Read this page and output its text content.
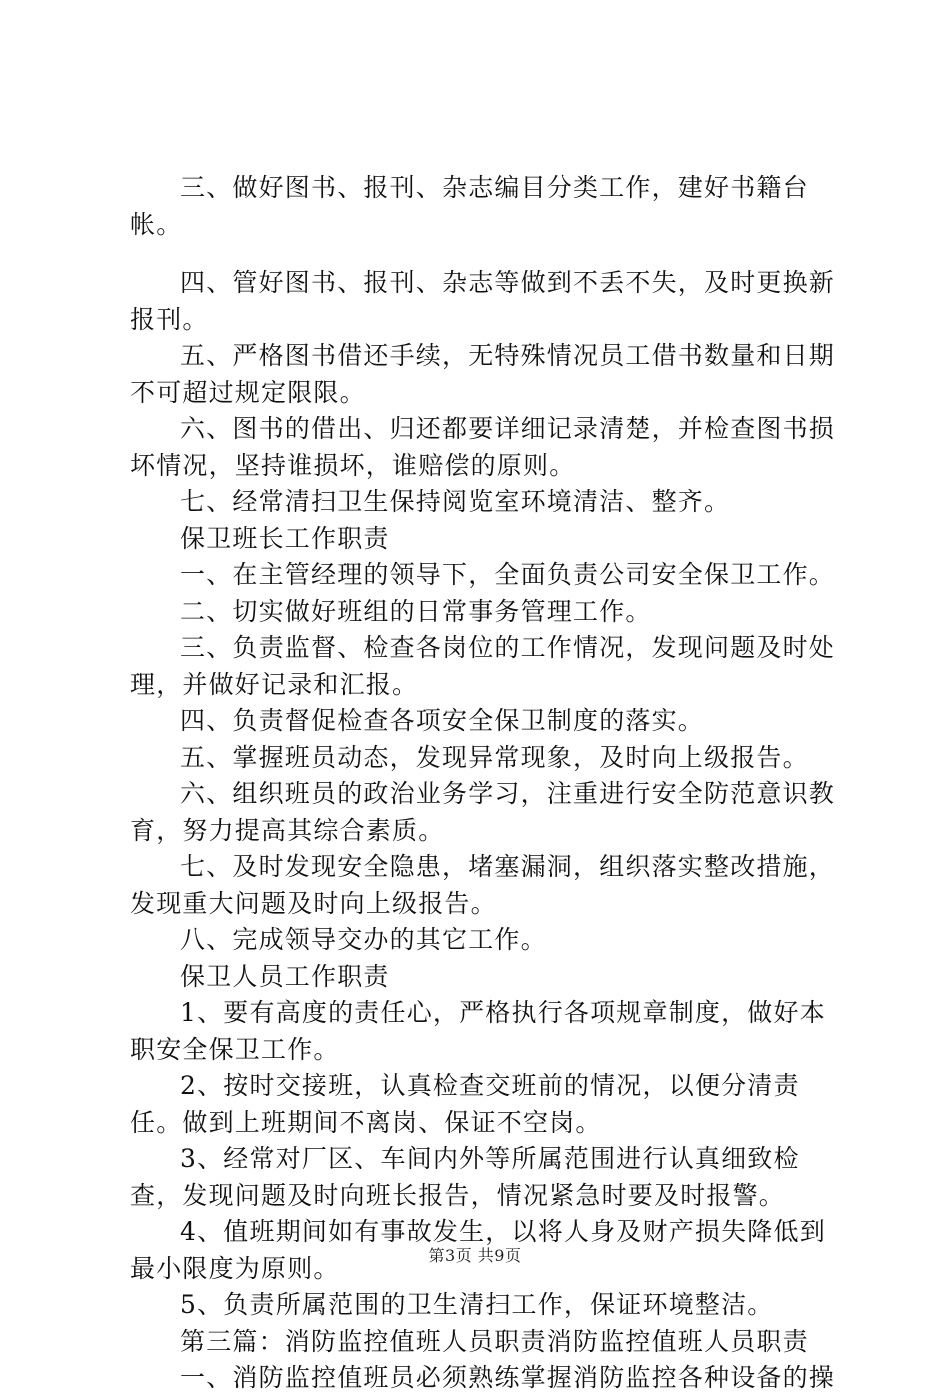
三、做好图书、报刊、杂志编目分类工作，建好书籍台帐。

四、管好图书、报刊、杂志等做到不丢不失，及时更换新报刊。

五、严格图书借还手续，无特殊情况员工借书数量和日期不可超过规定限限。

六、图书的借出、归还都要详细记录清楚，并检查图书损坏情况，坚持谁损坏，谁赔偿的原则。

七、经常清扫卫生保持阅览室环境清洁、整齐。

保卫班长工作职责

一、在主管经理的领导下，全面负责公司安全保卫工作。

二、切实做好班组的日常事务管理工作。

三、负责监督、检查各岗位的工作情况，发现问题及时处理，并做好记录和汇报。

四、负责督促检查各项安全保卫制度的落实。

五、掌握班员动态，发现异常现象，及时向上级报告。

六、组织班员的政治业务学习，注重进行安全防范意识教育，努力提高其综合素质。

七、及时发现安全隐患，堵塞漏洞，组织落实整改措施，发现重大问题及时向上级报告。

八、完成领导交办的其它工作。

保卫人员工作职责

1、要有高度的责任心，严格执行各项规章制度，做好本职安全保卫工作。

2、按时交接班，认真检查交班前的情况，以便分清责任。做到上班期间不离岗、保证不空岗。

3、经常对厂区、车间内外等所属范围进行认真细致检查，发现问题及时向班长报告，情况紧急时要及时报警。

4、值班期间如有事故发生，以将人身及财产损失降低到最小限度为原则。

5、负责所属范围的卫生清扫工作，保证环境整洁。

第三篇：消防监控值班人员职责消防监控值班人员职责

一、消防监控值班员必须熟练掌握消防监控各种设备的操

第3页 共9页
